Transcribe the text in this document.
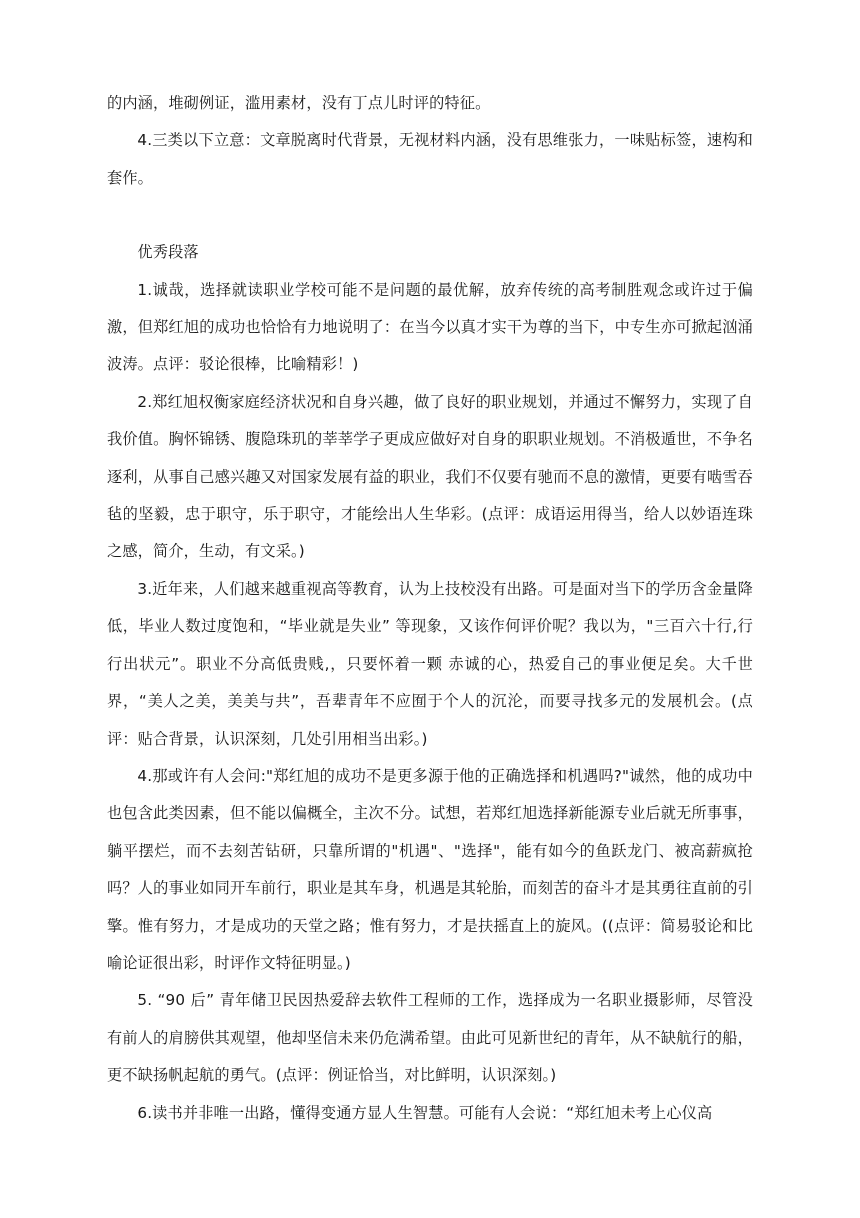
的内涵，堆砌例证，滥用素材，没有丁点儿时评的特征。

4.三类以下立意：文章脱离时代背景，无视材料内涵，没有思维张力，一味贴标签，速构和套作。

优秀段落

1.诚哉，选择就读职业学校可能不是问题的最优解，放弃传统的高考制胜观念或许过于偏激，但郑红旭的成功也恰恰有力地说明了：在当今以真才实干为尊的当下，中专生亦可掀起汹涌波涛。点评：驳论很棒，比喻精彩！)

2.郑红旭权衡家庭经济状况和自身兴趣，做了良好的职业规划，并通过不懈努力，实现了自我价值。胸怀锦锈、腹隐珠玑的莘莘学子更成应做好对自身的职职业规划。不消极遁世，不争名逐利，从事自己感兴趣又对国家发展有益的职业，我们不仅要有驰而不息的激情，更要有啮雪吞毡的坚毅，忠于职守，乐于职守，才能绘出人生华彩。(点评：成语运用得当，给人以妙语连珠之感，简介，生动，有文采。)

3.近年来，人们越来越重视高等教育，认为上技校没有出路。可是面对当下的学历含金量降低，毕业人数过度饱和，“毕业就是失业” 等现象，又该作何评价呢？我以为，"三百六十行,行行出状元”。职业不分高低贵贱,，只要怀着一颗 赤诚的心，热爱自己的事业便足矣。大千世界，“美人之美，美美与共”，吾辈青年不应囿于个人的沉沦，而要寻找多元的发展机会。(点评：贴合背景，认识深刻，几处引用相当出彩。)

4.那或许有人会问:"郑红旭的成功不是更多源于他的正确选择和机遇吗?"诚然，他的成功中也包含此类因素，但不能以偏概全，主次不分。试想，若郑红旭选择新能源专业后就无所事事，躺平摆烂，而不去刻苦钻研，只靠所谓的"机遇"、"选择"，能有如今的鱼跃龙门、被高薪疯抢吗？人的事业如同开车前行，职业是其车身，机遇是其轮胎，而刻苦的奋斗才是其勇往直前的引擎。惟有努力，才是成功的天堂之路；惟有努力，才是扶摇直上的旋风。((点评：简易驳论和比喻论证很出彩，时评作文特征明显。)

5. “90 后” 青年储卫民因热爱辞去软件工程师的工作，选择成为一名职业摄影师，尽管没有前人的肩膀供其观望，他却坚信未来仍危满希望。由此可见新世纪的青年，从不缺航行的船，更不缺扬帆起航的勇气。(点评：例证恰当，对比鲜明，认识深刻。)

6.读书并非唯一出路，懂得变通方显人生智慧。可能有人会说：“郑红旭未考上心仪高
